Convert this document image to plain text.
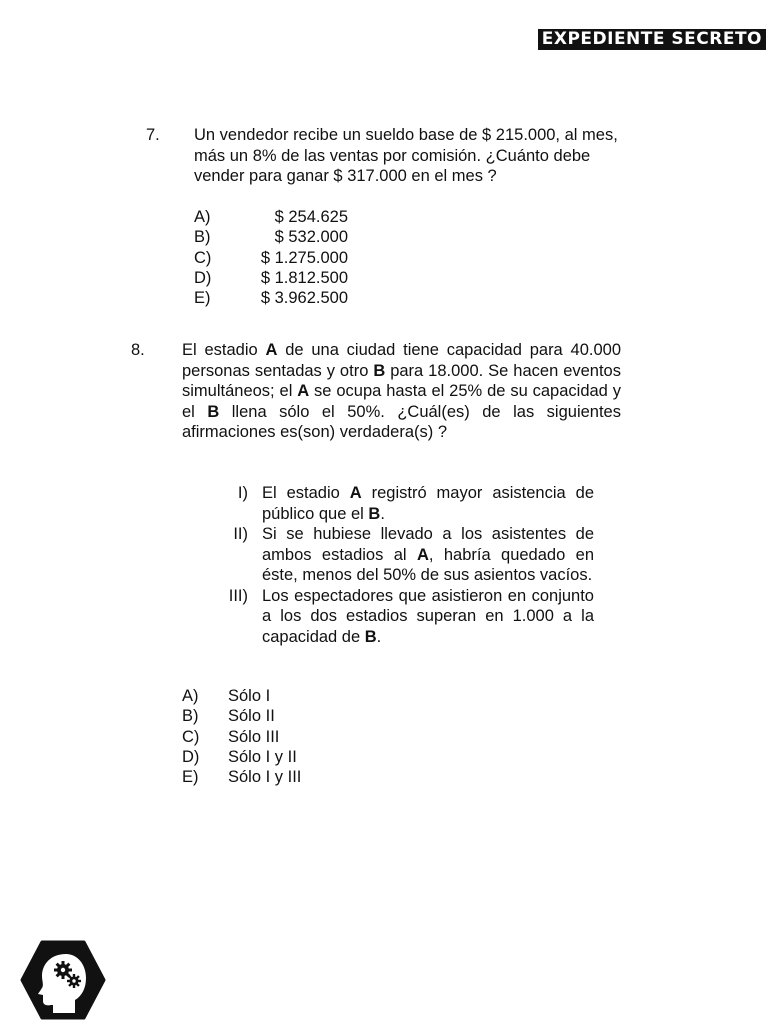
EXPEDIENTE SECRETO
7. Un vendedor recibe un sueldo base de $ 215.000, al mes, más un 8% de las ventas por comisión. ¿Cuánto debe vender para ganar $ 317.000 en el mes ?
A)	$ 254.625
B)	$ 532.000
C)	$ 1.275.000
D)	$ 1.812.500
E)	$ 3.962.500
8. El estadio A de una ciudad tiene capacidad para 40.000 personas sentadas y otro B para 18.000. Se hacen eventos simultáneos; el A se ocupa hasta el 25% de su capacidad y el B llena sólo el 50%. ¿Cuál(es) de las siguientes afirmaciones es(son) verdadera(s) ?
I) El estadio A registró mayor asistencia de público que el B.
II) Si se hubiese llevado a los asistentes de ambos estadios al A, habría quedado en éste, menos del 50% de sus asientos vacíos.
III) Los espectadores que asistieron en conjunto a los dos estadios superan en 1.000 a la capacidad de B.
A)	Sólo I
B)	Sólo II
C)	Sólo III
D)	Sólo I y II
E)	Sólo I y III
